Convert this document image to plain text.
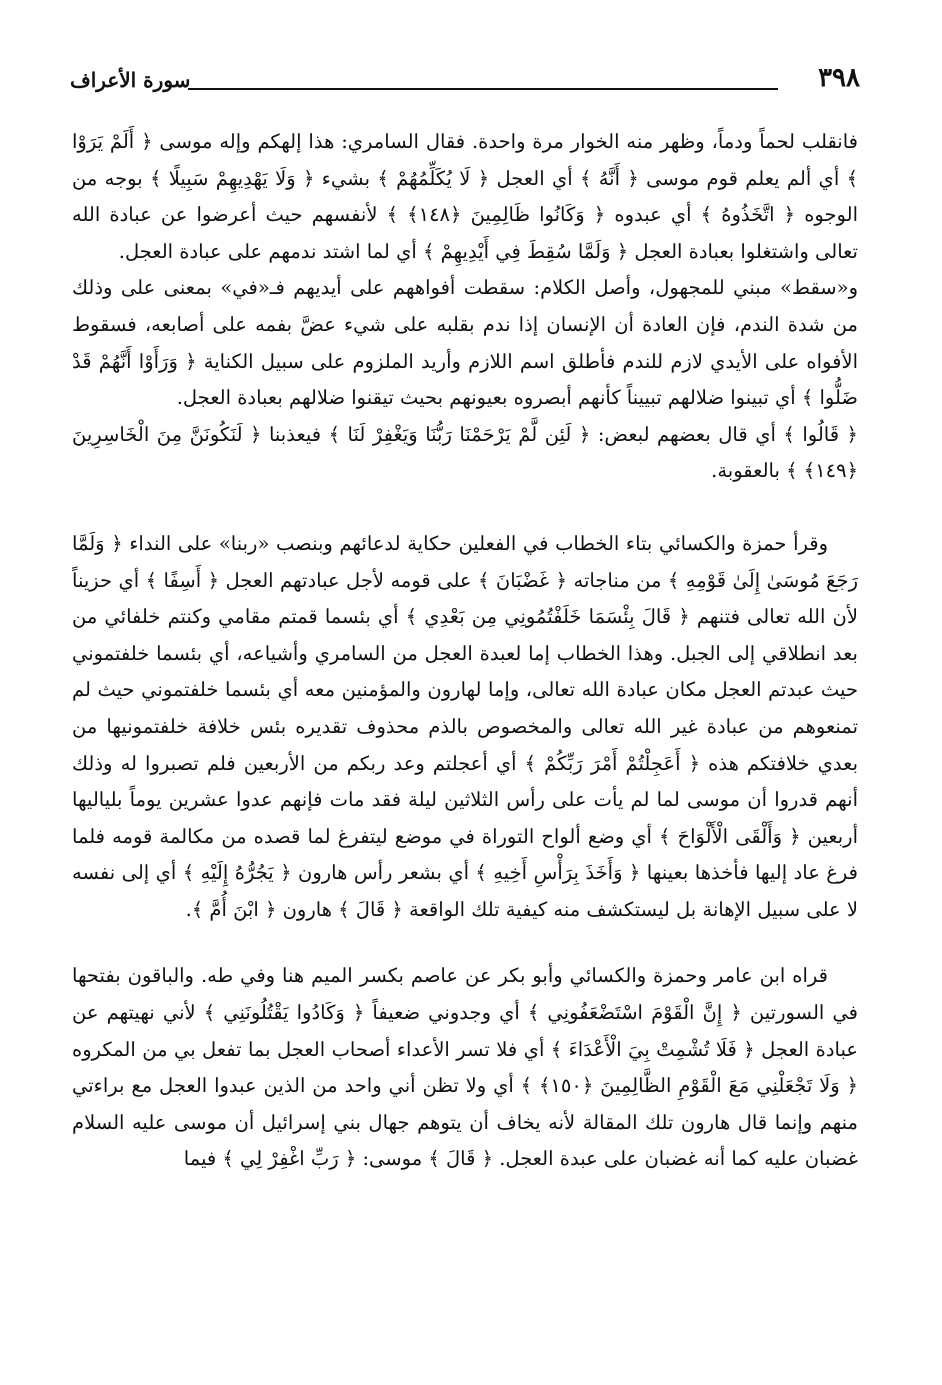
٣٩٨
سورة الأعراف

فانقلب لحماً ودماً، وظهر منه الخوار مرة واحدة. فقال السامري: هذا إلهكم وإله موسى ﴿ أَلَمْ يَرَوْا ﴾ أي ألم يعلم قوم موسى ﴿ أَنَّهُ ﴾ أي العجل ﴿ لَا يُكَلِّمُهُمْ ﴾ بشيء ﴿ وَلَا يَهْدِيهِمْ سَبِيلًا ﴾ بوجه من الوجوه ﴿ اتَّخَذُوهُ ﴾ أي عبدوه ﴿ وَكَانُوا ظَالِمِينَ ﴿١٤٨﴾ ﴾ لأنفسهم حيث أعرضوا عن عبادة الله تعالى واشتغلوا بعبادة العجل ﴿ وَلَمَّا سُقِطَ فِي أَيْدِيهِمْ ﴾ أي لما اشتد ندمهم على عبادة العجل.

و«سقط» مبني للمجهول، وأصل الكلام: سقطت أفواههم على أيديهم فـ«في» بمعنى على وذلك من شدة الندم، فإن العادة أن الإنسان إذا ندم بقلبه على شيء عضَّ بفمه على أصابعه، فسقوط الأفواه على الأيدي لازم للندم فأطلق اسم اللازم وأريد الملزوم على سبيل الكناية ﴿ وَرَأَوْا أَنَّهُمْ قَدْ ضَلُّوا ﴾ أي تبينوا ضلالهم تبييناً كأنهم أبصروه بعيونهم بحيث تيقنوا ضلالهم بعبادة العجل.

﴿ قَالُوا ﴾ أي قال بعضهم لبعض: ﴿ لَئِن لَّمْ يَرْحَمْنَا رَبُّنَا وَيَغْفِرْ لَنَا ﴾ فيعذبنا ﴿ لَنَكُونَنَّ مِنَ الْخَاسِرِينَ ﴿١٤٩﴾ ﴾ بالعقوبة.

وقرأ حمزة والكسائي بتاء الخطاب في الفعلين حكاية لدعائهم وبنصب «ربنا» على النداء ﴿ وَلَمَّا رَجَعَ مُوسَىٰ إِلَىٰ قَوْمِهِ ﴾ من مناجاته ﴿ غَضْبَانَ ﴾ على قومه لأجل عبادتهم العجل ﴿ أَسِفًا ﴾ أي حزيناً لأن الله تعالى فتنهم ﴿ قَالَ بِئْسَمَا خَلَفْتُمُونِي مِن بَعْدِي ﴾ أي بئسما قمتم مقامي وكنتم خلفائي من بعد انطلاقي إلى الجبل. وهذا الخطاب إما لعبدة العجل من السامري وأشياعه، أي بئسما خلفتموني حيث عبدتم العجل مكان عبادة الله تعالى، وإما لهارون والمؤمنين معه أي بئسما خلفتموني حيث لم تمنعوهم من عبادة غير الله تعالى والمخصوص بالذم محذوف تقديره بئس خلافة خلفتمونيها من بعدي خلافتكم هذه ﴿ أَعَجِلْتُمْ أَمْرَ رَبِّكُمْ ﴾ أي أعجلتم وعد ربكم من الأربعين فلم تصبروا له وذلك أنهم قدروا أن موسى لما لم يأت على رأس الثلاثين ليلة فقد مات فإنهم عدوا عشرين يوماً بلياليها أربعين ﴿ وَأَلْقَى الْأَلْوَاحَ ﴾ أي وضع ألواح التوراة في موضع ليتفرغ لما قصده من مكالمة قومه فلما فرغ عاد إليها فأخذها بعينها ﴿ وَأَخَذَ بِرَأْسِ أَخِيهِ ﴾ أي بشعر رأس هارون ﴿ يَجُرُّهُ إِلَيْهِ ﴾ أي إلى نفسه لا على سبيل الإهانة بل ليستكشف منه كيفية تلك الواقعة ﴿ قَالَ ﴾ هارون ﴿ ابْنَ أُمَّ ﴾.

قراه ابن عامر وحمزة والكسائي وأبو بكر عن عاصم بكسر الميم هنا وفي طه. والباقون بفتحها في السورتين ﴿ إِنَّ الْقَوْمَ اسْتَضْعَفُونِي ﴾ أي وجدوني ضعيفاً ﴿ وَكَادُوا يَقْتُلُونَنِي ﴾ لأني نهيتهم عن عبادة العجل ﴿ فَلَا تُشْمِتْ بِيَ الْأَعْدَاءَ ﴾ أي فلا تسر الأعداء أصحاب العجل بما تفعل بي من المكروه ﴿ وَلَا تَجْعَلْنِي مَعَ الْقَوْمِ الظَّالِمِينَ ﴿١٥٠﴾ ﴾ أي ولا تظن أني واحد من الذين عبدوا العجل مع براءتي منهم وإنما قال هارون تلك المقالة لأنه يخاف أن يتوهم جهال بني إسرائيل أن موسى عليه السلام غضبان عليه كما أنه غضبان على عبدة العجل. ﴿ قَالَ ﴾ موسى: ﴿ رَبِّ اغْفِرْ لِي ﴾ فيما
